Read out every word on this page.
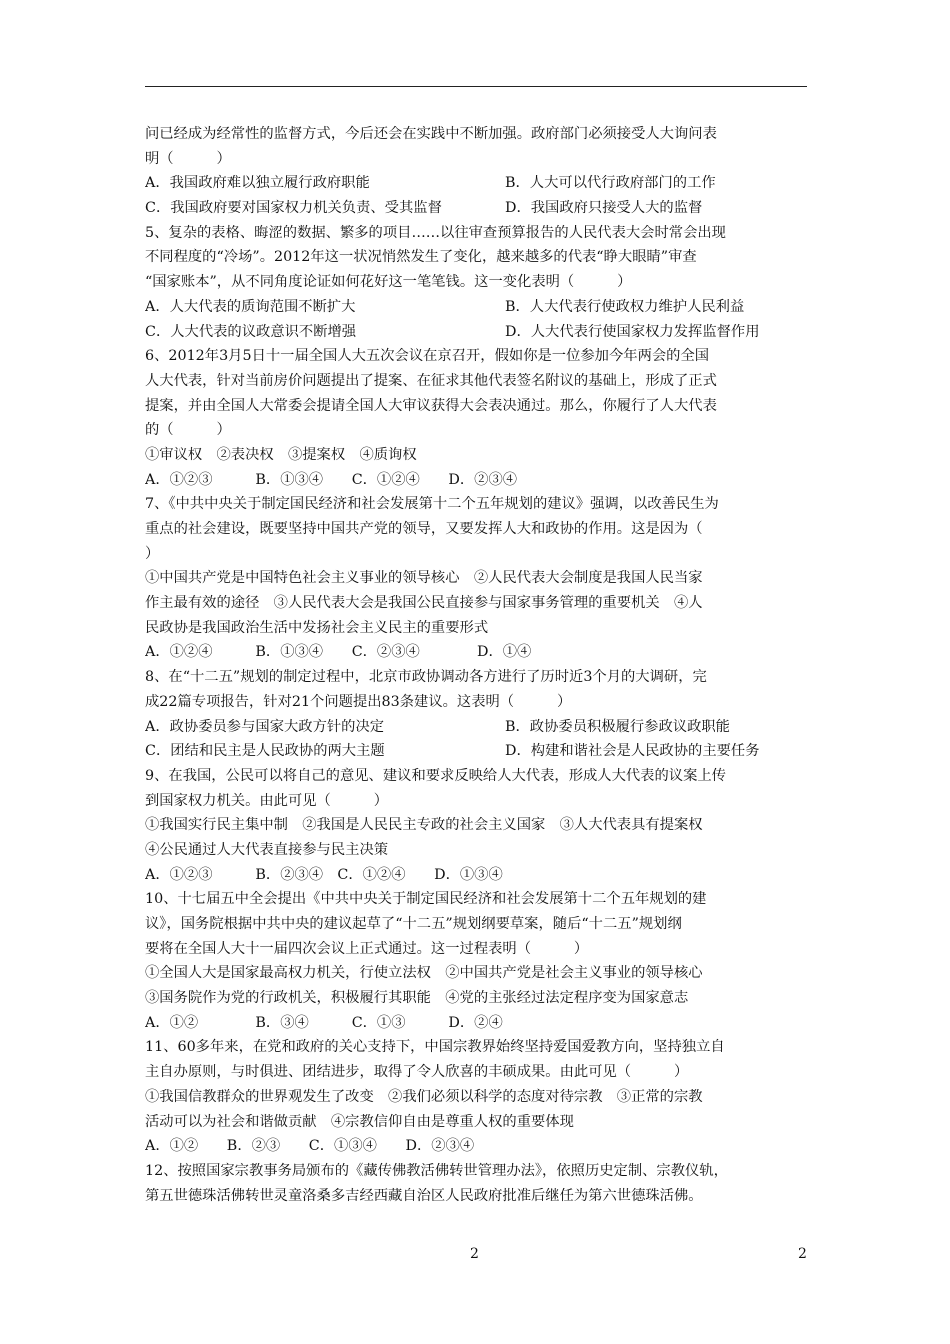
问已经成为经常性的监督方式，今后还会在实践中不断加强。政府部门必须接受人大询问表
明（　　　）
A．我国政府难以独立履行政府职能	B．人大可以代行政府部门的工作
C．我国政府要对国家权力机关负责、受其监督	D．我国政府只接受人大的监督
5、复杂的表格、晦涩的数据、繁多的项目……以往审查预算报告的人民代表大会时常会出现
不同程度的“冷场”。2012年这一状况悄然发生了变化，越来越多的代表“睁大眼睛”审查
“国家账本”，从不同角度论证如何花好这一笔笔钱。这一变化表明（　　　）
A．人大代表的质询范围不断扩大	B．人大代表行使政权力维护人民利益
C．人大代表的议政意识不断增强	D．人大代表行使国家权力发挥监督作用
6、2012年3月5日十一届全国人大五次会议在京召开，假如你是一位参加今年两会的全国
人大代表，针对当前房价问题提出了提案、在征求其他代表签名附议的基础上，形成了正式
提案，并由全国人大常委会提请全国人大审议获得大会表决通过。那么，你履行了人大代表
的（　　　）
①审议权　②表决权　③提案权　④质询权
A．①②③　　　B．①③④　　C．①②④　　D．②③④
7、《中共中央关于制定国民经济和社会发展第十二个五年规划的建议》强调，以改善民生为
重点的社会建设，既要坚持中国共产党的领导，又要发挥人大和政协的作用。这是因为（
）
①中国共产党是中国特色社会主义事业的领导核心　②人民代表大会制度是我国人民当家
作主最有效的途径　③人民代表大会是我国公民直接参与国家事务管理的重要机关　④人
民政协是我国政治生活中发扬社会主义民主的重要形式
A．①②④　　　B．①③④　　C．②③④　　　　D．①④
8、在“十二五”规划的制定过程中，北京市政协调动各方进行了历时近3个月的大调研，完
成22篇专项报告，针对21个问题提出83条建议。这表明（　　　）
A．政协委员参与国家大政方针的决定	B．政协委员积极履行参政议政职能
C．团结和民主是人民政协的两大主题	D．构建和谐社会是人民政协的主要任务
9、在我国，公民可以将自己的意见、建议和要求反映给人大代表，形成人大代表的议案上传
到国家权力机关。由此可见（　　　）
①我国实行民主集中制　②我国是人民民主专政的社会主义国家　③人大代表具有提案权
④公民通过人大代表直接参与民主决策
A．①②③　　　B．②③④　C．①②④　　D．①③④
10、十七届五中全会提出《中共中央关于制定国民经济和社会发展第十二个五年规划的建
议》，国务院根据中共中央的建议起草了“十二五”规划纲要草案，随后“十二五”规划纲
要将在全国人大十一届四次会议上正式通过。这一过程表明（　　　）
①全国人大是国家最高权力机关，行使立法权　②中国共产党是社会主义事业的领导核心
③国务院作为党的行政机关，积极履行其职能　④党的主张经过法定程序变为国家意志
A．①②　　　　B．③④　　　C．①③　　　D．②④
11、60多年来，在党和政府的关心支持下，中国宗教界始终坚持爱国爱教方向，坚持独立自
主自办原则，与时俱进、团结进步，取得了令人欣喜的丰硕成果。由此可见（　　　）
①我国信教群众的世界观发生了改变　②我们必须以科学的态度对待宗教　③正常的宗教
活动可以为社会和谐做贡献　④宗教信仰自由是尊重人权的重要体现
A．①②　　B．②③　　C．①③④　　D．②③④
12、按照国家宗教事务局颁布的《藏传佛教活佛转世管理办法》，依照历史定制、宗教仪轨，
第五世德珠活佛转世灵童洛桑多吉经西藏自治区人民政府批准后继任为第六世德珠活佛。
2	2
